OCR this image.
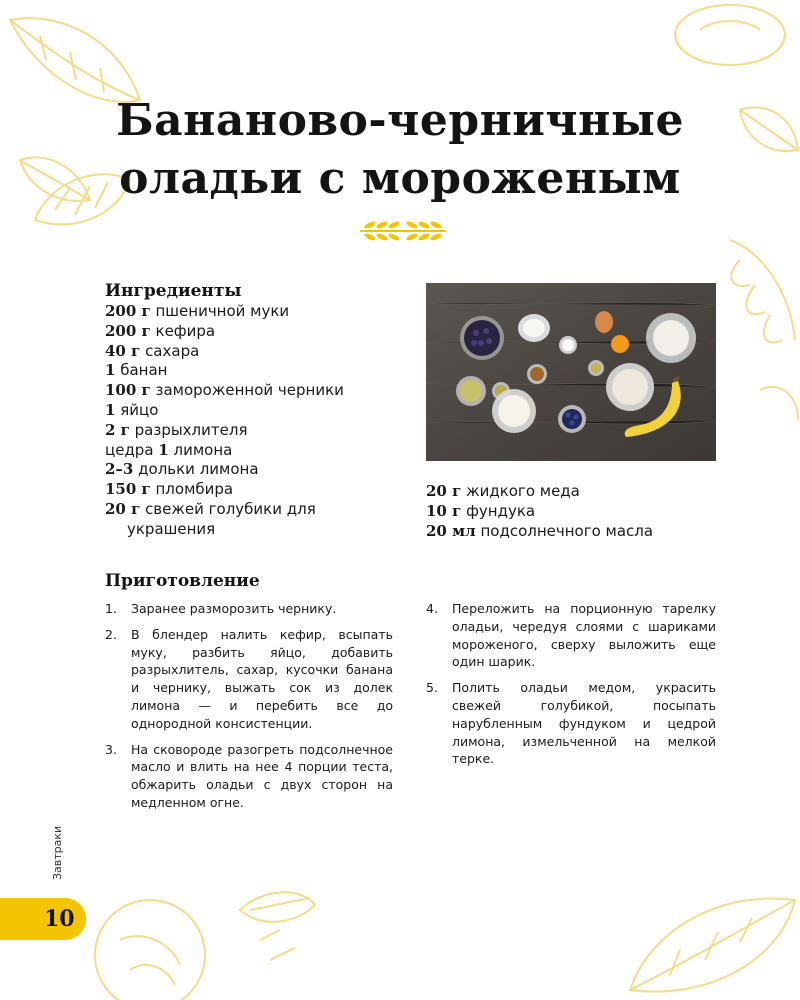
Бананово-черничные
оладьи с мороженым
Ингредиенты
200 г пшеничной муки
200 г кефира
40 г сахара
1 банан
100 г замороженной черники
1 яйцо
2 г разрыхлителя
цедра 1 лимона
2–3 дольки лимона
150 г пломбира
20 г свежей голубики для
украшения
20 г жидкого меда
10 г фундука
20 мл подсолнечного масла
Приготовление
1. Заранее разморозить чернику.
2. В блендер налить кефир, всыпать муку, разбить яйцо, добавить разрыхлитель, сахар, кусочки банана и чернику, выжать сок из долек лимона — и перебить все до однородной консистенции.
3. На сковороде разогреть подсолнечное масло и влить на нее 4 порции теста, обжарить оладьи с двух сторон на медленном огне.
4. Переложить на порционную тарелку оладьи, чередуя слоями с шариками мороженого, сверху выложить еще один шарик.
5. Полить оладьи медом, украсить свежей голубикой, посыпать нарубленным фундуком и цедрой лимона, измельченной на мелкой терке.
Завтраки
10
